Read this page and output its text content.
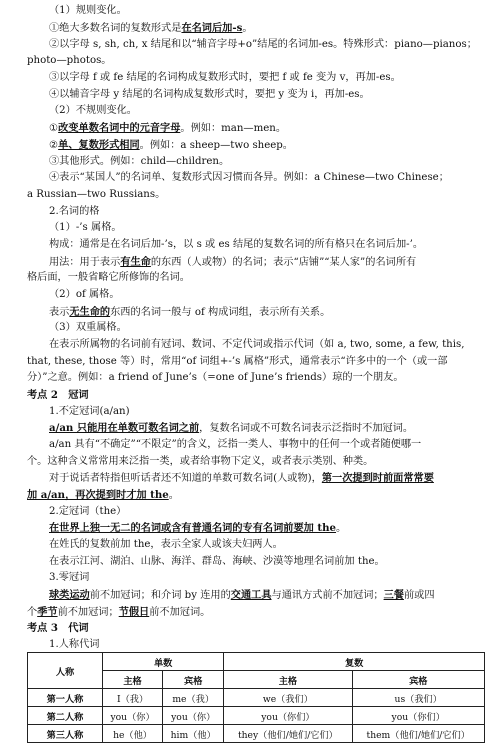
（1）规则变化。
①绝大多数名词的复数形式是在名词后加-s。
②以字母 s, sh, ch, x 结尾和以“辅音字母+o”结尾的名词加-es。特殊形式：piano—pianos；
photo—photos。
③以字母 f 或 fe 结尾的名词构成复数形式时，要把 f 或 fe 变为 v，再加-es。
④以辅音字母 y 结尾的名词构成复数形式时，要把 y 变为 i，再加-es。
（2）不规则变化。
①改变单数名词中的元音字母。例如：man—men。
②单、复数形式相同。例如：a sheep—two sheep。
③其他形式。例如：child—children。
④表示“某国人”的名词单、复数形式因习惯而各异。例如：a Chinese—two Chinese；
a Russian—two Russians。
2.名词的格
（1）-’s 属格。
构成：通常是在名词后加-’s，以 s 或 es 结尾的复数名词的所有格只在名词后加-’。
用法：用于表示有生命的东西（人或物）的名词；表示“店铺”“某人家”的名词所有
格后面，一般省略它所修饰的名词。
（2）of 属格。
表示无生命的东西的名词一般与 of 构成词组，表示所有关系。
（3）双重属格。
在表示所属物的名词前有冠词、数词、不定代词或指示代词（如 a, two, some, a few, this,
that, these, those 等）时，常用“of 词组+-’s 属格”形式，通常表示“许多中的一个（或一部
分）”之意。例如：a friend of June’s（=one of June’s friends）琼的一个朋友。
考点 2　冠词
1.不定冠词(a/an)
a/an 只能用在单数可数名词之前，复数名词或不可数名词表示泛指时不加冠词。
a/an 具有“不确定”“不限定”的含义，泛指一类人、事物中的任何一个或者随便哪一
个。这种含义常常用来泛指一类，或者给事物下定义，或者表示类别、种类。
对于说话者特指但听话者还不知道的单数可数名词(人或物)，第一次提到时前面常常要
加 a/an，再次提到时才加 the。
2.定冠词（the）
在世界上独一无二的名词或含有普通名词的专有名词前要加 the。
在姓氏的复数前加 the，表示全家人或该夫妇两人。
在表示江河、湖泊、山脉、海洋、群岛、海峡、沙漠等地理名词前加 the。
3.零冠词
球类运动前不加冠词；和介词 by 连用的交通工具与通讯方式前不加冠词；三餐前或四
个季节前不加冠词；节假日前不加冠词。
考点 3　代词
1.人称代词
人称	单数		复数	
	主格	宾格	主格	宾格
第一人称	I（我）	me（我）	we（我们）	us（我们）
第二人称	you（你）	you（你）	you（你们）	you（你们）
第三人称	he（他）	him（他）	they（他们/她们/它们）	them（他们/她们/它们）
